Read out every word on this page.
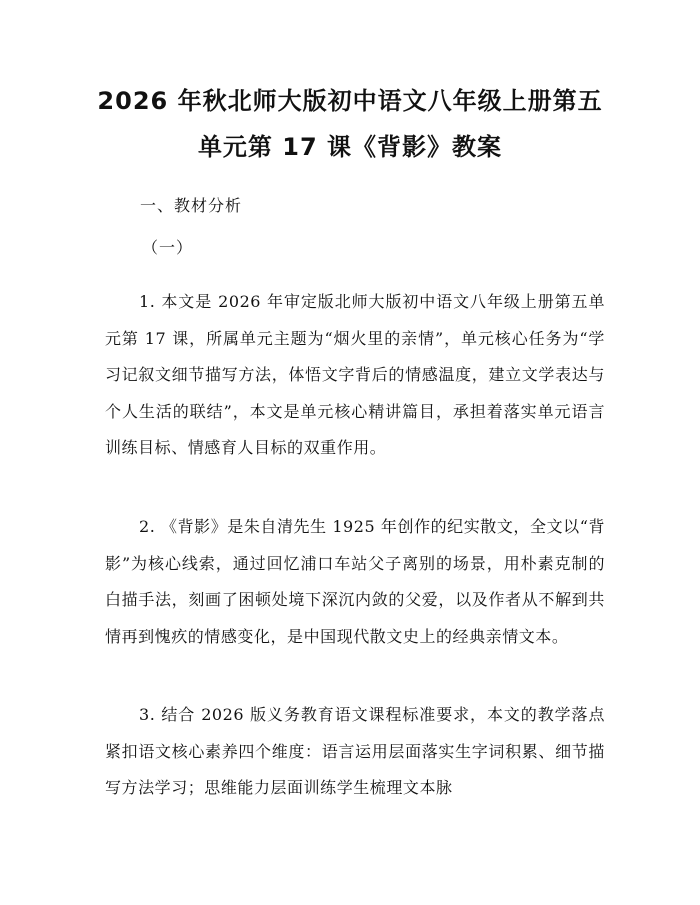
2026 年秋北师大版初中语文八年级上册第五
单元第 17 课《背影》教案
一、教材分析
（一）

1. 本文是 2026 年审定版北师大版初中语文八年级上册第五单元第 17 课，所属单元主题为“烟火里的亲情”，单元核心任务为“学习记叙文细节描写方法，体悟文字背后的情感温度，建立文学表达与个人生活的联结”，本文是单元核心精讲篇目，承担着落实单元语言训练目标、情感育人目标的双重作用。

2. 《背影》是朱自清先生 1925 年创作的纪实散文，全文以“背影”为核心线索，通过回忆浦口车站父子离别的场景，用朴素克制的白描手法，刻画了困顿处境下深沉内敛的父爱，以及作者从不解到共情再到愧疚的情感变化，是中国现代散文史上的经典亲情文本。

3. 结合 2026 版义务教育语文课程标准要求，本文的教学落点紧扣语文核心素养四个维度：语言运用层面落实生字词积累、细节描写方法学习；思维能力层面训练学生梳理文本脉
